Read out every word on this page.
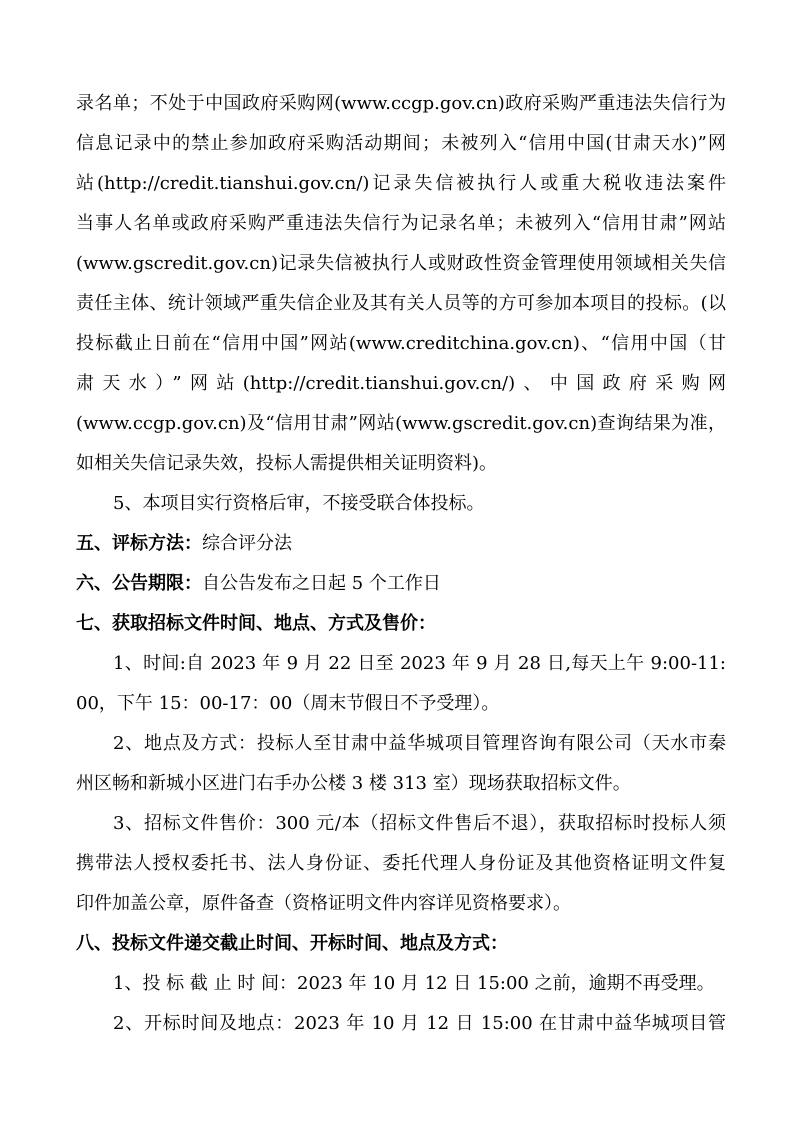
录名单；不处于中国政府采购网(www.ccgp.gov.cn)政府采购严重违法失信行为
信息记录中的禁止参加政府采购活动期间；未被列入“信用中国(甘肃天水)”网
站(http://credit.tianshui.gov.cn/)记录失信被执行人或重大税收违法案件
当事人名单或政府采购严重违法失信行为记录名单；未被列入“信用甘肃”网站
(www.gscredit.gov.cn)记录失信被执行人或财政性资金管理使用领域相关失信
责任主体、统计领域严重失信企业及其有关人员等的方可参加本项目的投标。(以
投标截止日前在“信用中国”网站(www.creditchina.gov.cn)、“信用中国（甘
肃天水）”网站(http://credit.tianshui.gov.cn/)、中国政府采购网
(www.ccgp.gov.cn)及“信用甘肃”网站(www.gscredit.gov.cn)查询结果为准，
如相关失信记录失效，投标人需提供相关证明资料)。
5、本项目实行资格后审，不接受联合体投标。
五、评标方法：综合评分法
六、公告期限：自公告发布之日起 5 个工作日
七、获取招标文件时间、地点、方式及售价：
1、时间:自 2023 年 9 月 22 日至 2023 年 9 月 28 日,每天上午 9:00-11:
00，下午 15：00-17：00（周末节假日不予受理）。
2、地点及方式：投标人至甘肃中益华城项目管理咨询有限公司（天水市秦
州区畅和新城小区进门右手办公楼 3 楼 313 室）现场获取招标文件。
3、招标文件售价：300 元/本（招标文件售后不退），获取招标时投标人须
携带法人授权委托书、法人身份证、委托代理人身份证及其他资格证明文件复
印件加盖公章，原件备查（资格证明文件内容详见资格要求）。
八、投标文件递交截止时间、开标时间、地点及方式：
1、投 标 截 止 时 间：2023 年 10 月 12 日 15:00 之前，逾期不再受理。
2、开标时间及地点：2023 年 10 月 12 日 15:00 在甘肃中益华城项目管
